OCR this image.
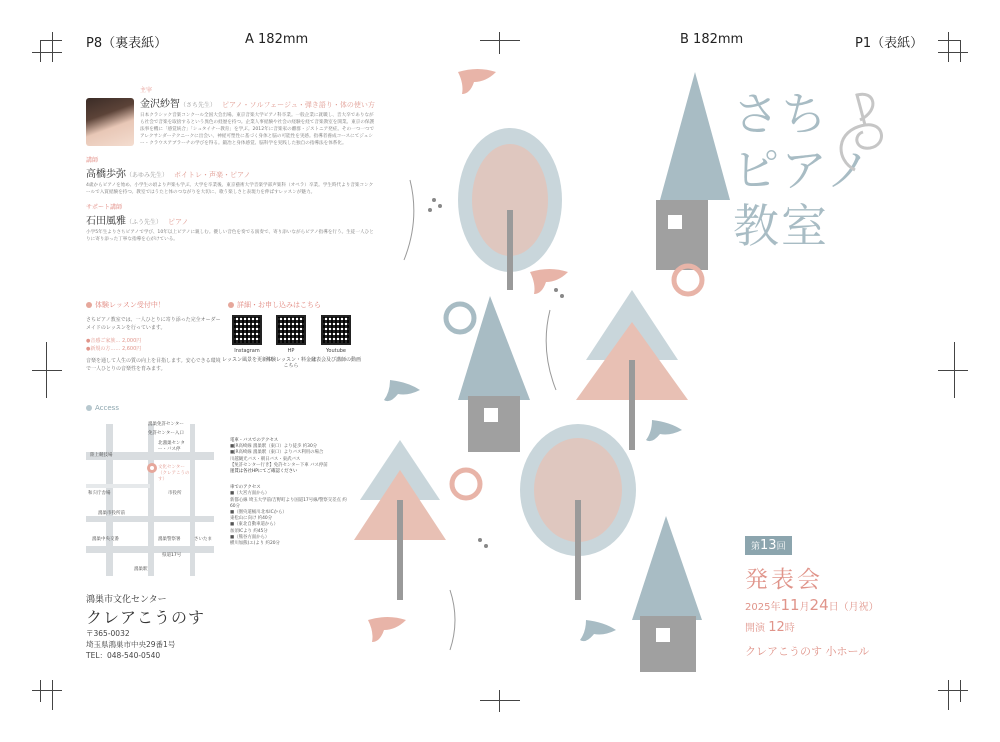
P8（裏表紙）	A 182mm	B 182mm	P1（表紙）
主宰
金沢紗智（さち先生） ピアノ・ソルフェージュ・弾き語り・体の使い方
日本クラシック音楽コンクール全国大会出場。東京音楽大学ピアノ科卒業。一般企業に就職し、音大卒でありながら社会で音楽を取捨するという異色の経歴を持つ。企業人事経験や社会の経験を経て音楽教室を開業。東京の保護法事を機に「感覚統合」「シュタイナー教育」を学ぶ。2012年に音楽家の離群・ジストニア発症。その一つ一つでアレクサンダーテクニークに出会い、神経可塑性に基づく身体と脳の可能性を実感。指導者養成コースにてジェシー・クラウスアブラーチの学びを得る。鍛冶と身体感覚、脳科学を実践した独自の指導法を体系化。
講師
高橋歩弥（あゆみ先生） ボイトレ・声楽・ピアノ
4歳からピアノを始め、小学生の頃より声楽も学ぶ。大学を卒業後、東京藝術大学音楽学部声楽科（オペラ）卒業。学生時代より音楽コンクールで入賞経験を持つ。教室ではうたと体のつながりを大切に、歌う楽しさと表現力を伸ばすレッスンが魅力。
サポート講師
石田風雅（ふう先生） ピアノ
小学5年生よりさちピアノで学び、10年以上ピアノに親しむ。優しい音色を奏でる演奏で、寄り添いながらピアノ指導を行う。生徒一人ひとりに寄り添った丁寧な指導を心がけている。
体験レッスン受付中！
さちピアノ教室では、一人ひとりに寄り添った完全オーダーメイドのレッスンを行っています。
●音感ご家族… 2,000円
●新規の方…… 2,600円
音楽を通して人生の質の向上を目指します。安心できる環境で一人ひとりの音楽性を育みます。
詳細・お申し込みはこちら
Instagram
レッスン風景を更新中
HP
体験レッスン・料金はこちら
Youtube
発表会及び講師の動画
Access
鴻巣免許センター
免許センター入口
北鴻巣センター・バス停
文化センター（クレアこうのす）
陸上競技場
市役所
和宍庁舎場
鴻巣市役所前
県道17号
さいたま
鴻巣警察署
鴻巣中央交番
鴻巣駅
電車・バスでのアクセス
■JR高崎線 鴻巣駅（東口）より徒歩 約30分
■JR高崎線 鴻巣駅（東口）よりバス利用の場合
川越観光バス・朝日バス・東武バス
【免許センター行き】免許センター下車 バス停前
運賃は各社HPにてご確認ください
車でのアクセス
■（大宮方面から）
新都心線 埼玉大学前/吉野町より国道17号線/警察交差点 約60分
■（圏央道桶川北本ICから）
東松山に向け 約40分
■（東北自動車道から）
加須ICより 約45分
■（熊谷方面から）
横川加熊(エ)より 約20分
鴻巣市文化センター
クレアこうのす
〒365-0032
埼玉県鴻巣市中央29番1号
TEL：048-540-0540
さち
ピアノ
教室
第13回
発表会
2025年11月24日（月祝）
開演 12時
クレアこうのす 小ホール
